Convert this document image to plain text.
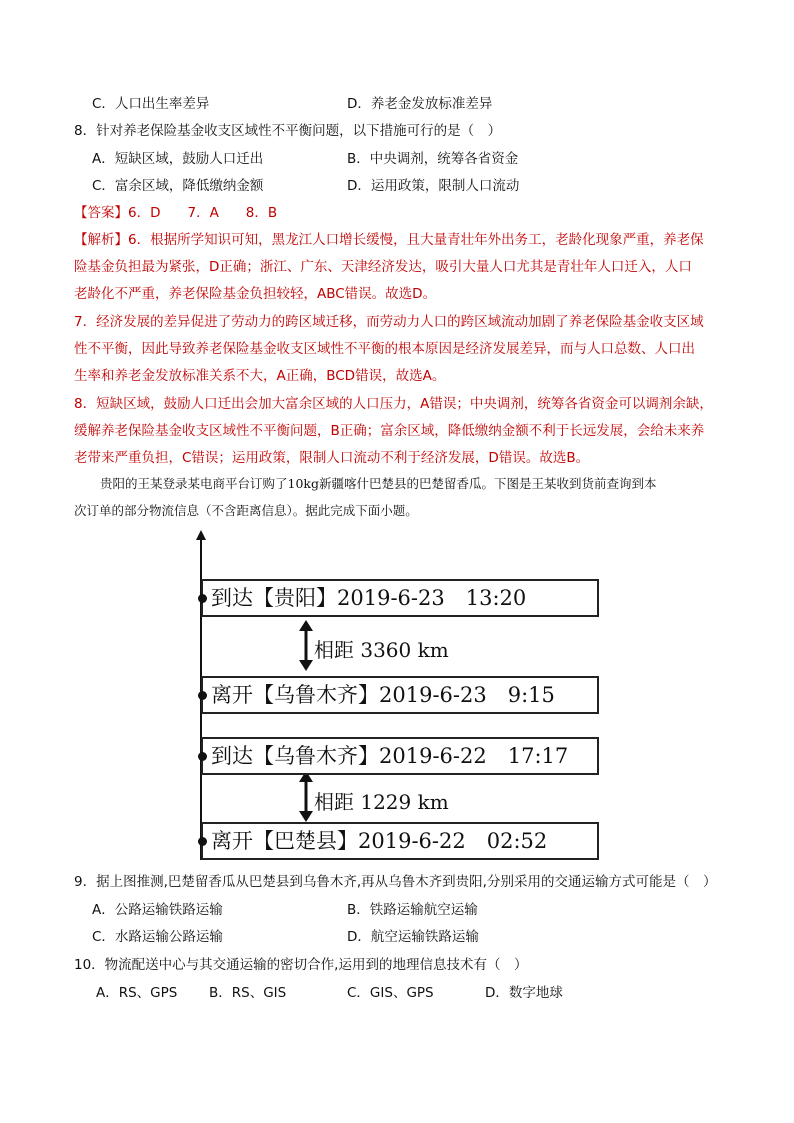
C．人口出生率差异	D．养老金发放标准差异
8．针对养老保险基金收支区域性不平衡问题，以下措施可行的是（　）
A．短缺区域，鼓励人口迁出	B．中央调剂，统筹各省资金
C．富余区域，降低缴纳金额	D．运用政策，限制人口流动
【答案】6．D　　7．A　　8．B
【解析】6．根据所学知识可知，黑龙江人口增长缓慢，且大量青壮年外出务工，老龄化现象严重，养老保
险基金负担最为紧张，D正确；浙江、广东、天津经济发达，吸引大量人口尤其是青壮年人口迁入，人口
老龄化不严重，养老保险基金负担较轻，ABC错误。故选D。
7．经济发展的差异促进了劳动力的跨区域迁移，而劳动力人口的跨区域流动加剧了养老保险基金收支区域
性不平衡，因此导致养老保险基金收支区域性不平衡的根本原因是经济发展差异，而与人口总数、人口出
生率和养老金发放标准关系不大，A正确，BCD错误，故选A。
8．短缺区域，鼓励人口迁出会加大富余区域的人口压力，A错误；中央调剂，统筹各省资金可以调剂余缺，
缓解养老保险基金收支区域性不平衡问题，B正确；富余区域，降低缴纳金额不利于长远发展，会给未来养
老带来严重负担，C错误；运用政策，限制人口流动不利于经济发展，D错误。故选B。
贵阳的王某登录某电商平台订购了10kg新疆喀什巴楚县的巴楚留香瓜。下图是王某收到货前查询到本
次订单的部分物流信息（不含距离信息）。据此完成下面小题。
到达【贵阳】2019-6-23　13:20
相距 3360 km
离开【乌鲁木齐】2019-6-23　9:15
到达【乌鲁木齐】2019-6-22　17:17
相距 1229 km
离开【巴楚县】2019-6-22　02:52
9．据上图推测,巴楚留香瓜从巴楚县到乌鲁木齐,再从乌鲁木齐到贵阳,分别采用的交通运输方式可能是（　）
A．公路运输铁路运输	B．铁路运输航空运输
C．水路运输公路运输	D．航空运输铁路运输
10．物流配送中心与其交通运输的密切合作,运用到的地理信息技术有（　）
A．RS、GPS B．RS、GIS	C．GIS、GPS	D．数字地球
